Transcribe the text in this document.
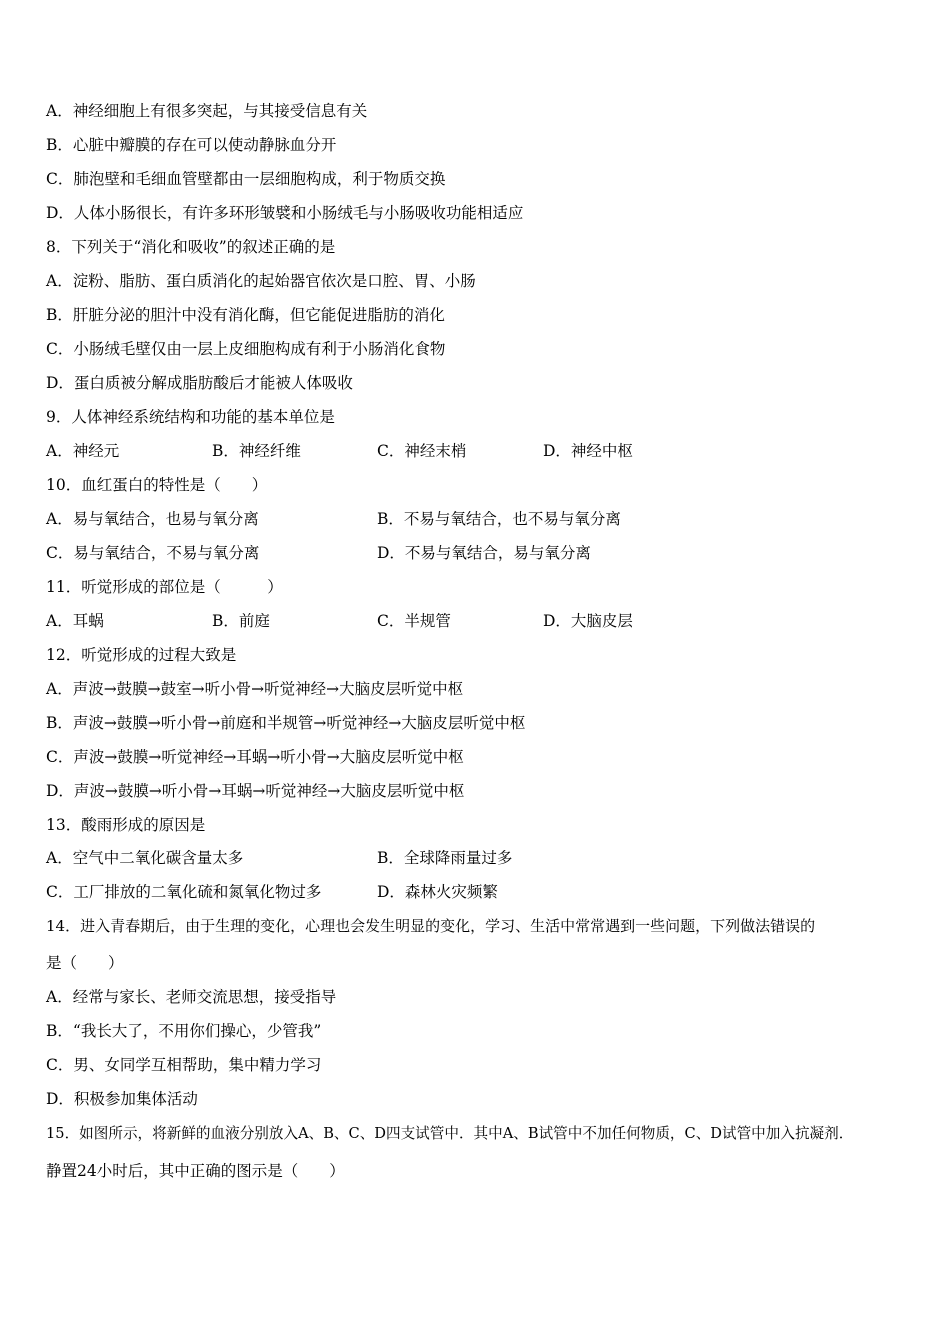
A．神经细胞上有很多突起，与其接受信息有关
B．心脏中瓣膜的存在可以使动静脉血分开
C．肺泡壁和毛细血管壁都由一层细胞构成，利于物质交换
D．人体小肠很长，有许多环形皱襞和小肠绒毛与小肠吸收功能相适应
8．下列关于“消化和吸收”的叙述正确的是
A．淀粉、脂肪、蛋白质消化的起始器官依次是口腔、胃、小肠
B．肝脏分泌的胆汁中没有消化酶，但它能促进脂肪的消化
C．小肠绒毛壁仅由一层上皮细胞构成有利于小肠消化食物
D．蛋白质被分解成脂肪酸后才能被人体吸收
9．人体神经系统结构和功能的基本单位是
A．神经元	B．神经纤维	C．神经末梢	D．神经中枢
10．血红蛋白的特性是（　　）
A．易与氧结合，也易与氧分离	B．不易与氧结合，也不易与氧分离
C．易与氧结合，不易与氧分离	D．不易与氧结合，易与氧分离
11．听觉形成的部位是（　　　）
A．耳蜗	B．前庭	C．半规管	D．大脑皮层
12．听觉形成的过程大致是
A．声波→鼓膜→鼓室→听小骨→听觉神经→大脑皮层听觉中枢
B．声波→鼓膜→听小骨→前庭和半规管→听觉神经→大脑皮层听觉中枢
C．声波→鼓膜→听觉神经→耳蜗→听小骨→大脑皮层听觉中枢
D．声波→鼓膜→听小骨→耳蜗→听觉神经→大脑皮层听觉中枢
13．酸雨形成的原因是
A．空气中二氧化碳含量太多	B．全球降雨量过多
C．工厂排放的二氧化硫和氮氧化物过多	D．森林火灾频繁
14．进入青春期后，由于生理的变化，心理也会发生明显的变化，学习、生活中常常遇到一些问题，下列做法错误的
是（　　）
A．经常与家长、老师交流思想，接受指导
B．“我长大了，不用你们操心，少管我”
C．男、女同学互相帮助，集中精力学习
D．积极参加集体活动
15．如图所示，将新鲜的血液分别放入A、B、C、D四支试管中．其中A、B试管中不加任何物质，C、D试管中加入抗凝剂．
静置24小时后，其中正确的图示是（　　）
